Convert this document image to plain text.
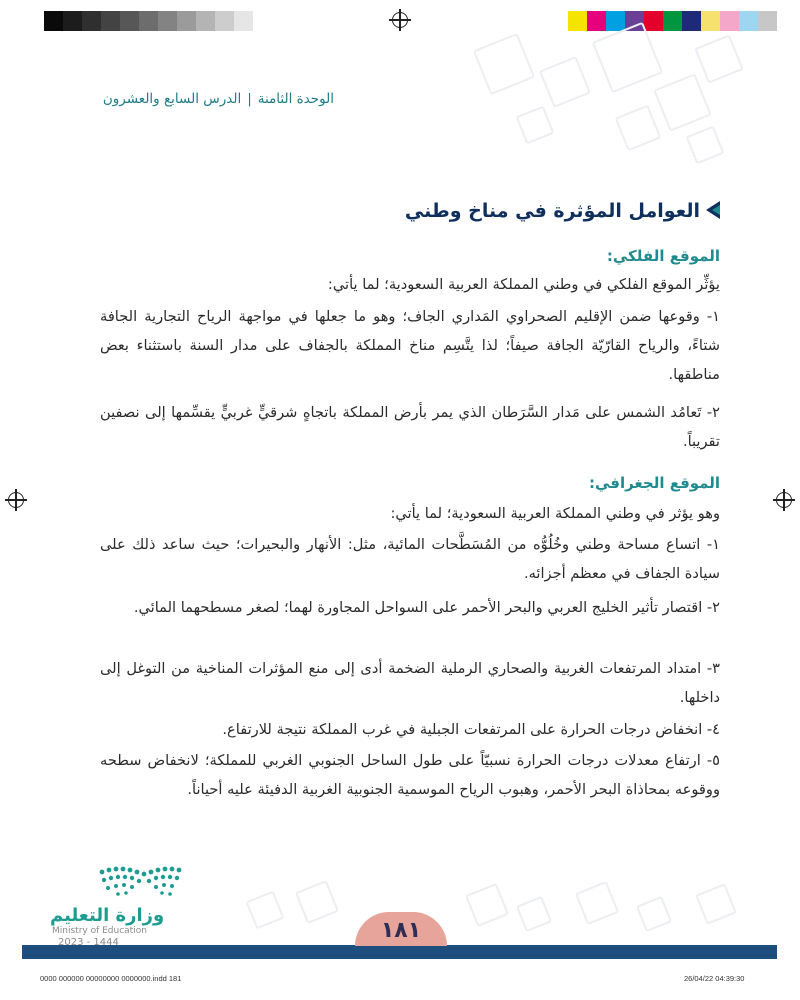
الوحدة الثامنة|الدرس السابع والعشرون
العوامل المؤثرة في مناخ وطني
الموقع الفلكي:
يؤثِّر الموقع الفلكي في وطني المملكة العربية السعودية؛ لما يأتي:
١- وقوعها ضمن الإقليم الصحراوي المَداري الجاف؛ وهو ما جعلها في مواجهة الرياح التجارية الجافة شتاءً، والرياح القارّيّة الجافة صيفاً؛ لذا يتَّسِم مناخ المملكة بالجفاف على مدار السنة باستثناء بعض مناطقها.
٢- تَعامُد الشمس على مَدار السَّرَطان الذي يمر بأرض المملكة باتجاهٍ شرقيٍّ غربيٍّ يقسِّمها إلى نصفين تقريباً.
الموقع الجغرافي:
وهو يؤثر في وطني المملكة العربية السعودية؛ لما يأتي:
١- اتساع مساحة وطني وخُلُوُّه من المُسَطَّحات المائية، مثل: الأنهار والبحيرات؛ حيث ساعد ذلك على سيادة الجفاف في معظم أجزائه.
٢- اقتصار تأثير الخليج العربي والبحر الأحمر على السواحل المجاورة لهما؛ لصغر مسطحهما المائي.
٣- امتداد المرتفعات الغربية والصحاري الرملية الضخمة أدى إلى منع المؤثرات المناخية من التوغل إلى داخلها.
٤- انخفاض درجات الحرارة على المرتفعات الجبلية في غرب المملكة نتيجة للارتفاع.
٥- ارتفاع معدلات درجات الحرارة نسبيّاً على طول الساحل الجنوبي الغربي للمملكة؛ لانخفاض سطحه ووقوعه بمحاذاة البحر الأحمر، وهبوب الرياح الموسمية الجنوبية الغربية الدفيئة عليه أحياناً.
١٨١
وزارة التعليم
Ministry of Education
2023 - 1444
0000 000000 00000000 0000000.indd 181	26/04/22 04:39:30
